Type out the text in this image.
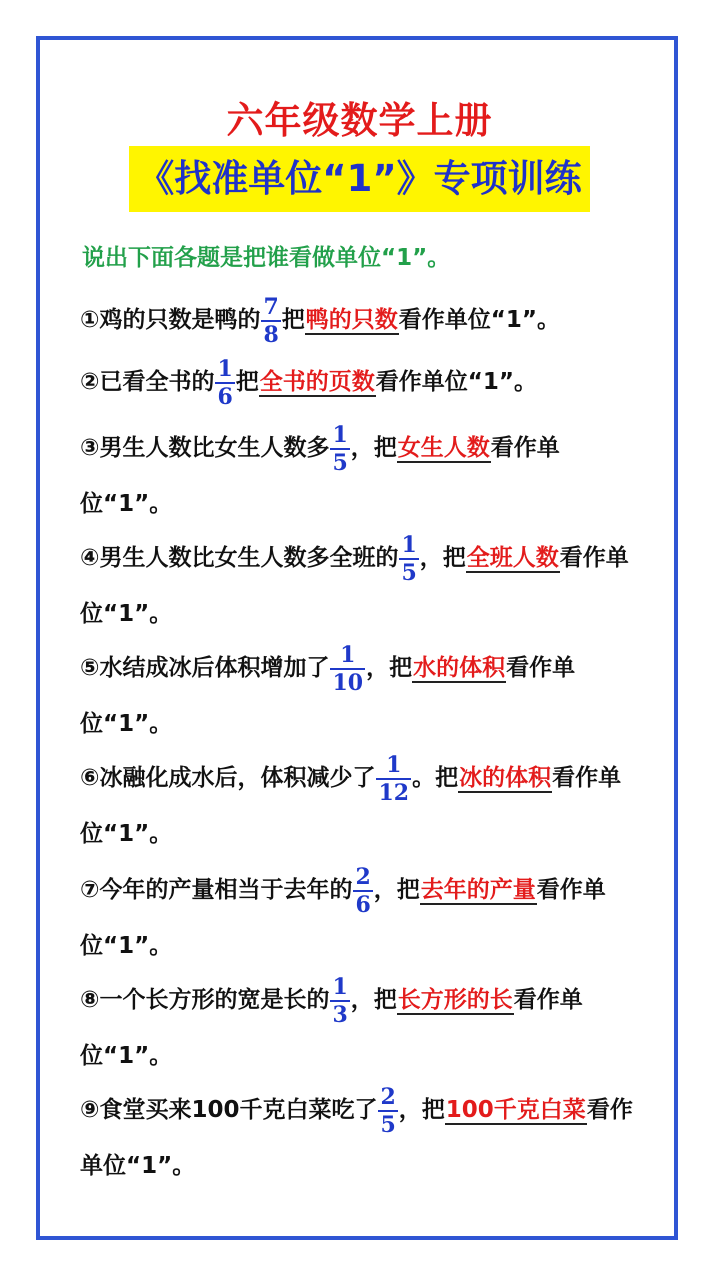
六年级数学上册
《找准单位“1”》专项训练
说出下面各题是把谁看做单位“1”。
①鸡的只数是鸭的 $\frac{7}{8}$ 把鸭的只数看作单位“1”。
②已看全书的 $\frac{1}{6}$ 把全书的页数看作单位“1”。
③男生人数比女生人数多 $\frac{1}{5}$ ，把女生人数看作单位“1”。
④男生人数比女生人数多全班的 $\frac{1}{5}$ ，把全班人数看作单位“1”。
⑤水结成冰后体积增加了 $\frac{1}{10}$ ，把水的体积看作单位“1”。
⑥冰融化成水后，体积减少了 $\frac{1}{12}$ 。把冰的体积看作单位“1”。
⑦今年的产量相当于去年的 $\frac{2}{6}$ ，把去年的产量看作单位“1”。
⑧一个长方形的宽是长的 $\frac{1}{3}$ ，把长方形的长看作单位“1”。
⑨食堂买来100千克白菜吃了 $\frac{2}{5}$ ，把100千克白菜看作单位“1”。
